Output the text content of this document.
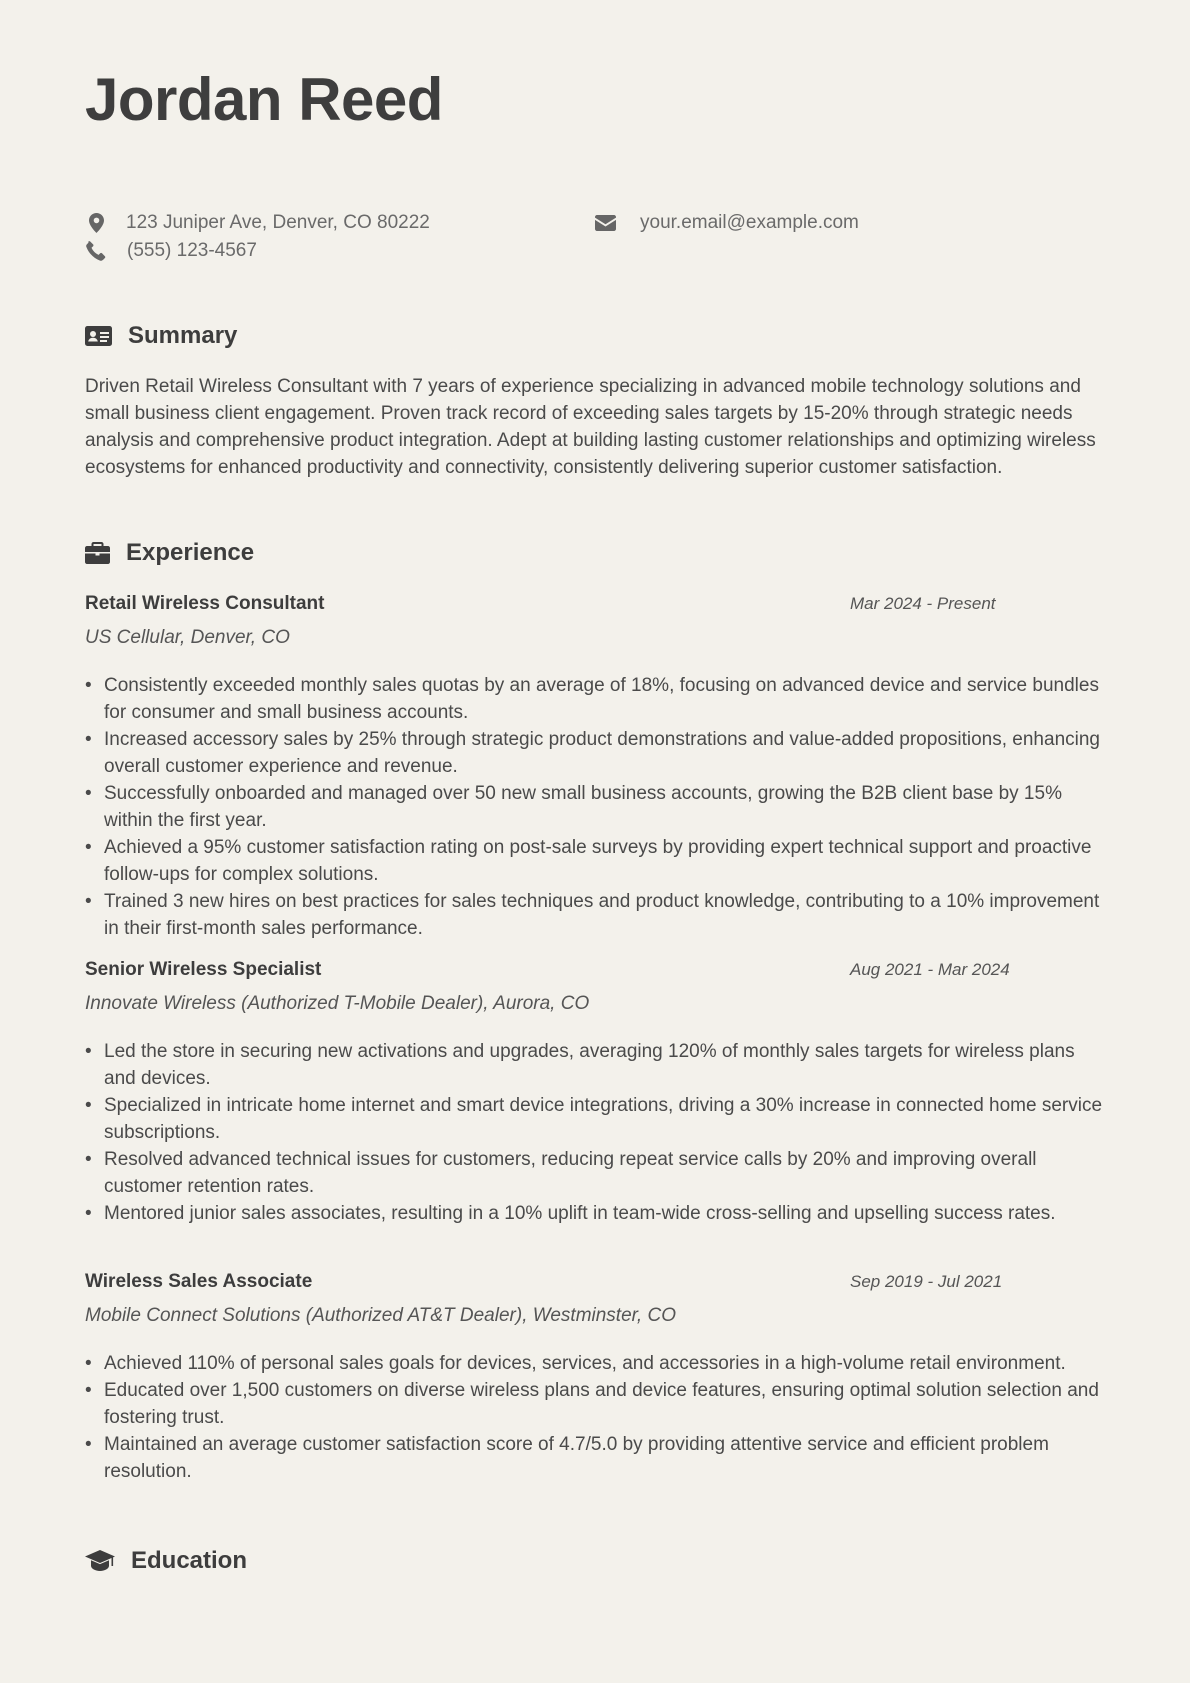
Jordan Reed
123 Juniper Ave, Denver, CO 80222
(555) 123-4567
your.email@example.com
Summary

Driven Retail Wireless Consultant with 7 years of experience specializing in advanced mobile technology solutions and small business client engagement. Proven track record of exceeding sales targets by 15-20% through strategic needs analysis and comprehensive product integration. Adept at building lasting customer relationships and optimizing wireless ecosystems for enhanced productivity and connectivity, consistently delivering superior customer satisfaction.

Experience

Retail Wireless Consultant	Mar 2024 - Present

US Cellular, Denver, CO

• Consistently exceeded monthly sales quotas by an average of 18%, focusing on advanced device and service bundles for consumer and small business accounts.
• Increased accessory sales by 25% through strategic product demonstrations and value-added propositions, enhancing overall customer experience and revenue.
• Successfully onboarded and managed over 50 new small business accounts, growing the B2B client base by 15% within the first year.
• Achieved a 95% customer satisfaction rating on post-sale surveys by providing expert technical support and proactive follow-ups for complex solutions.
• Trained 3 new hires on best practices for sales techniques and product knowledge, contributing to a 10% improvement in their first-month sales performance.

Senior Wireless Specialist	Aug 2021 - Mar 2024

Innovate Wireless (Authorized T-Mobile Dealer), Aurora, CO

• Led the store in securing new activations and upgrades, averaging 120% of monthly sales targets for wireless plans and devices.
• Specialized in intricate home internet and smart device integrations, driving a 30% increase in connected home service subscriptions.
• Resolved advanced technical issues for customers, reducing repeat service calls by 20% and improving overall customer retention rates.
• Mentored junior sales associates, resulting in a 10% uplift in team-wide cross-selling and upselling success rates.

Wireless Sales Associate	Sep 2019 - Jul 2021

Mobile Connect Solutions (Authorized AT&T Dealer), Westminster, CO

• Achieved 110% of personal sales goals for devices, services, and accessories in a high-volume retail environment.
• Educated over 1,500 customers on diverse wireless plans and device features, ensuring optimal solution selection and fostering trust.
• Maintained an average customer satisfaction score of 4.7/5.0 by providing attentive service and efficient problem resolution.
Education
